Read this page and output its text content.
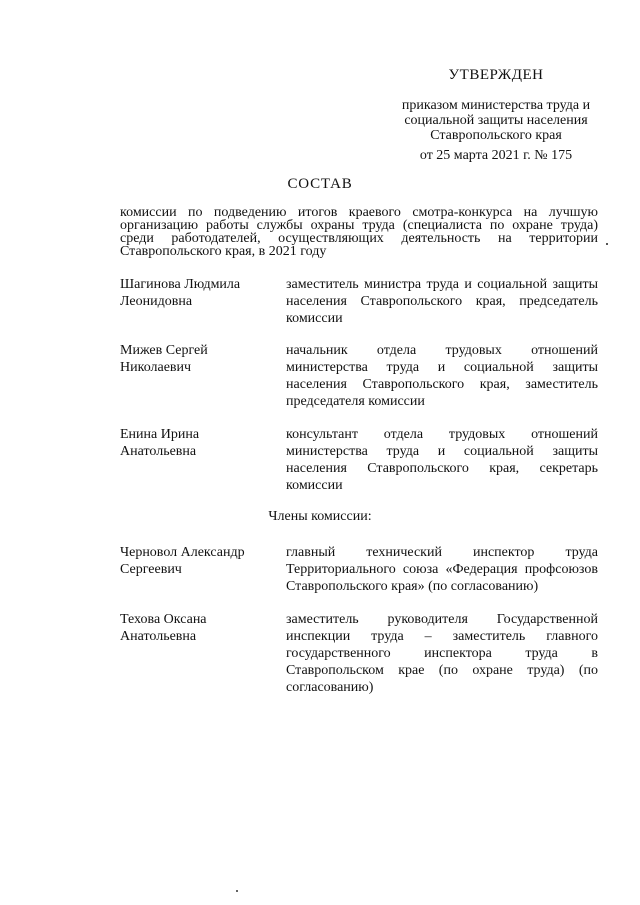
УТВЕРЖДЕН
приказом министерства труда и
социальной защиты населения
Ставропольского края
от 25 марта 2021 г. № 175
СОСТАВ
комиссии по подведению итогов краевого смотра-конкурса на лучшую организацию работы службы охраны труда (специалиста по охране труда) среди работодателей, осуществляющих деятельность на территории Ставропольского края, в 2021 году
Шагинова Людмила
Леонидовна
заместитель министра труда и социальной защиты населения Ставропольского края, председатель комиссии
Мижев Сергей
Николаевич
начальник отдела трудовых отношений министерства труда и социальной защиты населения Ставропольского края, заместитель председателя комиссии
Енина Ирина
Анатольевна
консультант отдела трудовых отношений министерства труда и социальной защиты населения Ставропольского края, секретарь комиссии
Члены комиссии:
Черновол Александр
Сергеевич
главный технический инспектор труда Территориального союза «Федерация профсоюзов Ставропольского края» (по согласованию)
Техова Оксана
Анатольевна
заместитель руководителя Государственной инспекции труда – заместитель главного государственного инспектора труда в Ставропольском крае (по охране труда) (по согласованию)
